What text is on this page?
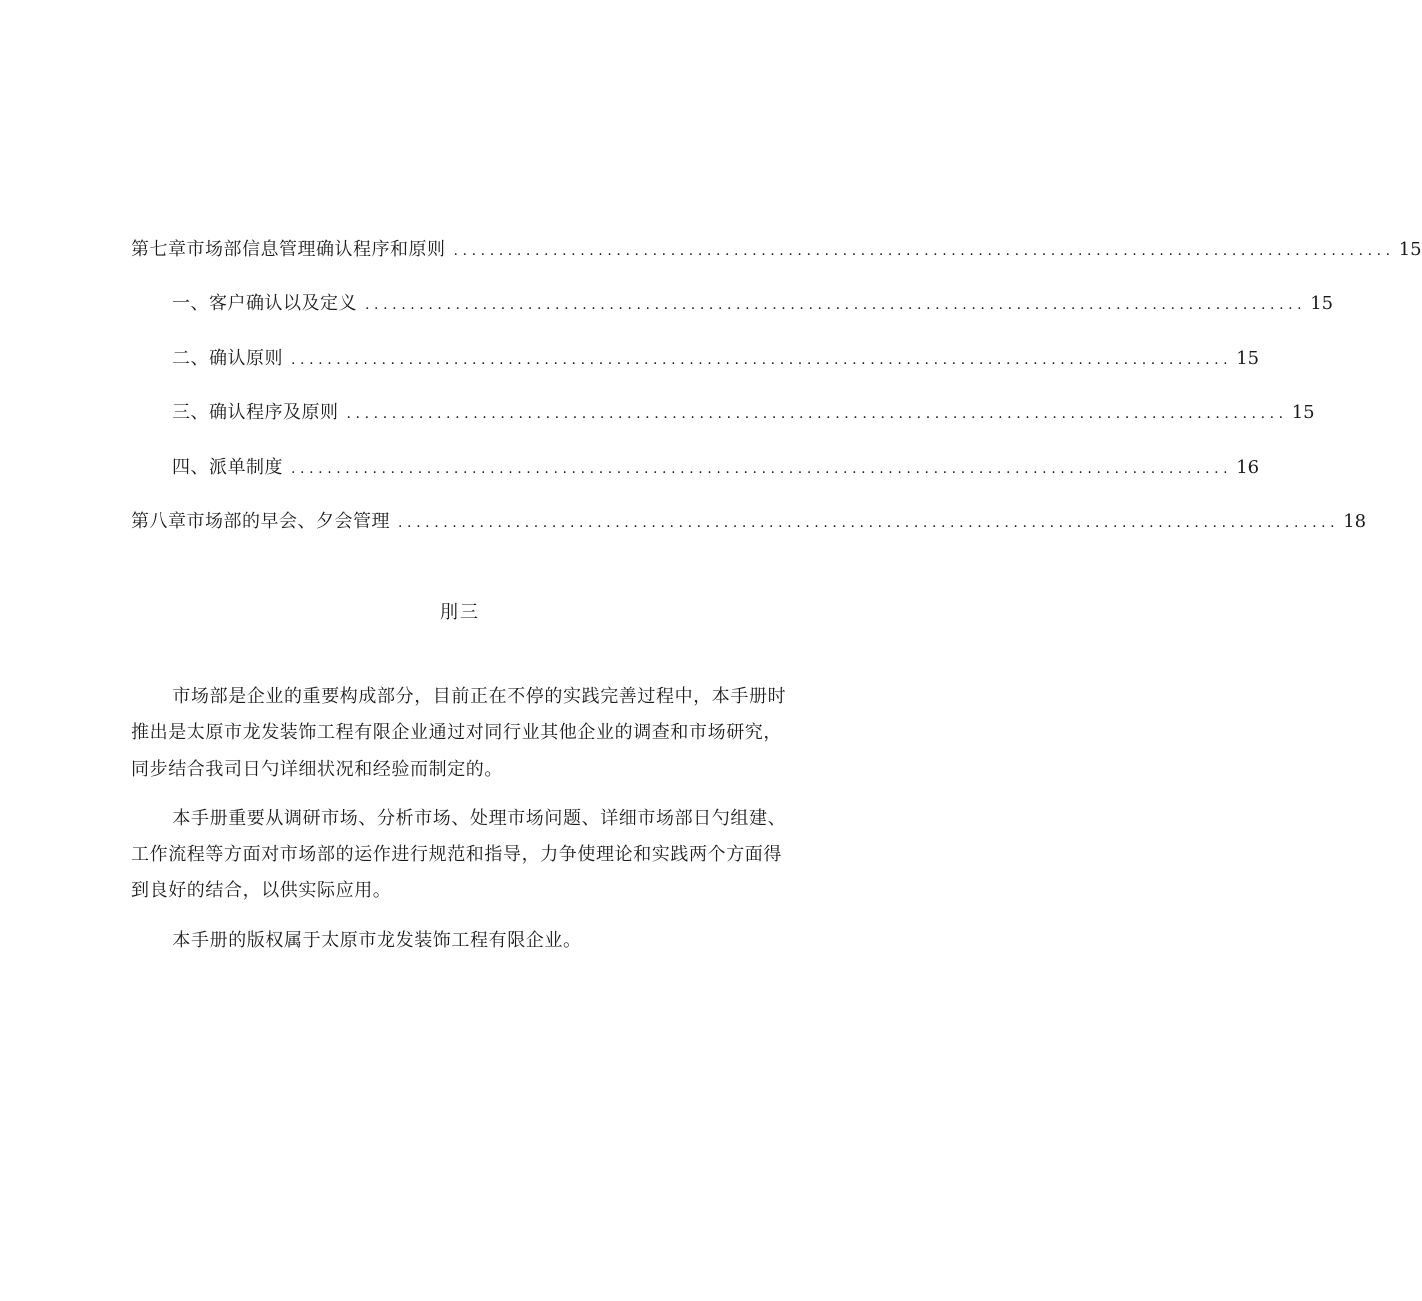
第七章市场部信息管理确认程序和原则 ........................................................................................................ 15
一、客户确认以及定义 ........................................................................................................ 15
二、确认原则 ........................................................................................................ 15
三、确认程序及原则 ........................................................................................................ 15
四、派单制度 ........................................................................................................ 16
第八章市场部的早会、夕会管理 ........................................................................................................ 18
刖三

市场部是企业的重要构成部分，目前正在不停的实践完善过程中，本手册时
推出是太原市龙发装饰工程有限企业通过对同行业其他企业的调查和市场研究，
同步结合我司日勺详细状况和经验而制定的。

本手册重要从调研市场、分析市场、处理市场问题、详细市场部日勺组建、
工作流程等方面对市场部的运作进行规范和指导，力争使理论和实践两个方面得
到良好的结合，以供实际应用。

本手册的版权属于太原市龙发装饰工程有限企业。
